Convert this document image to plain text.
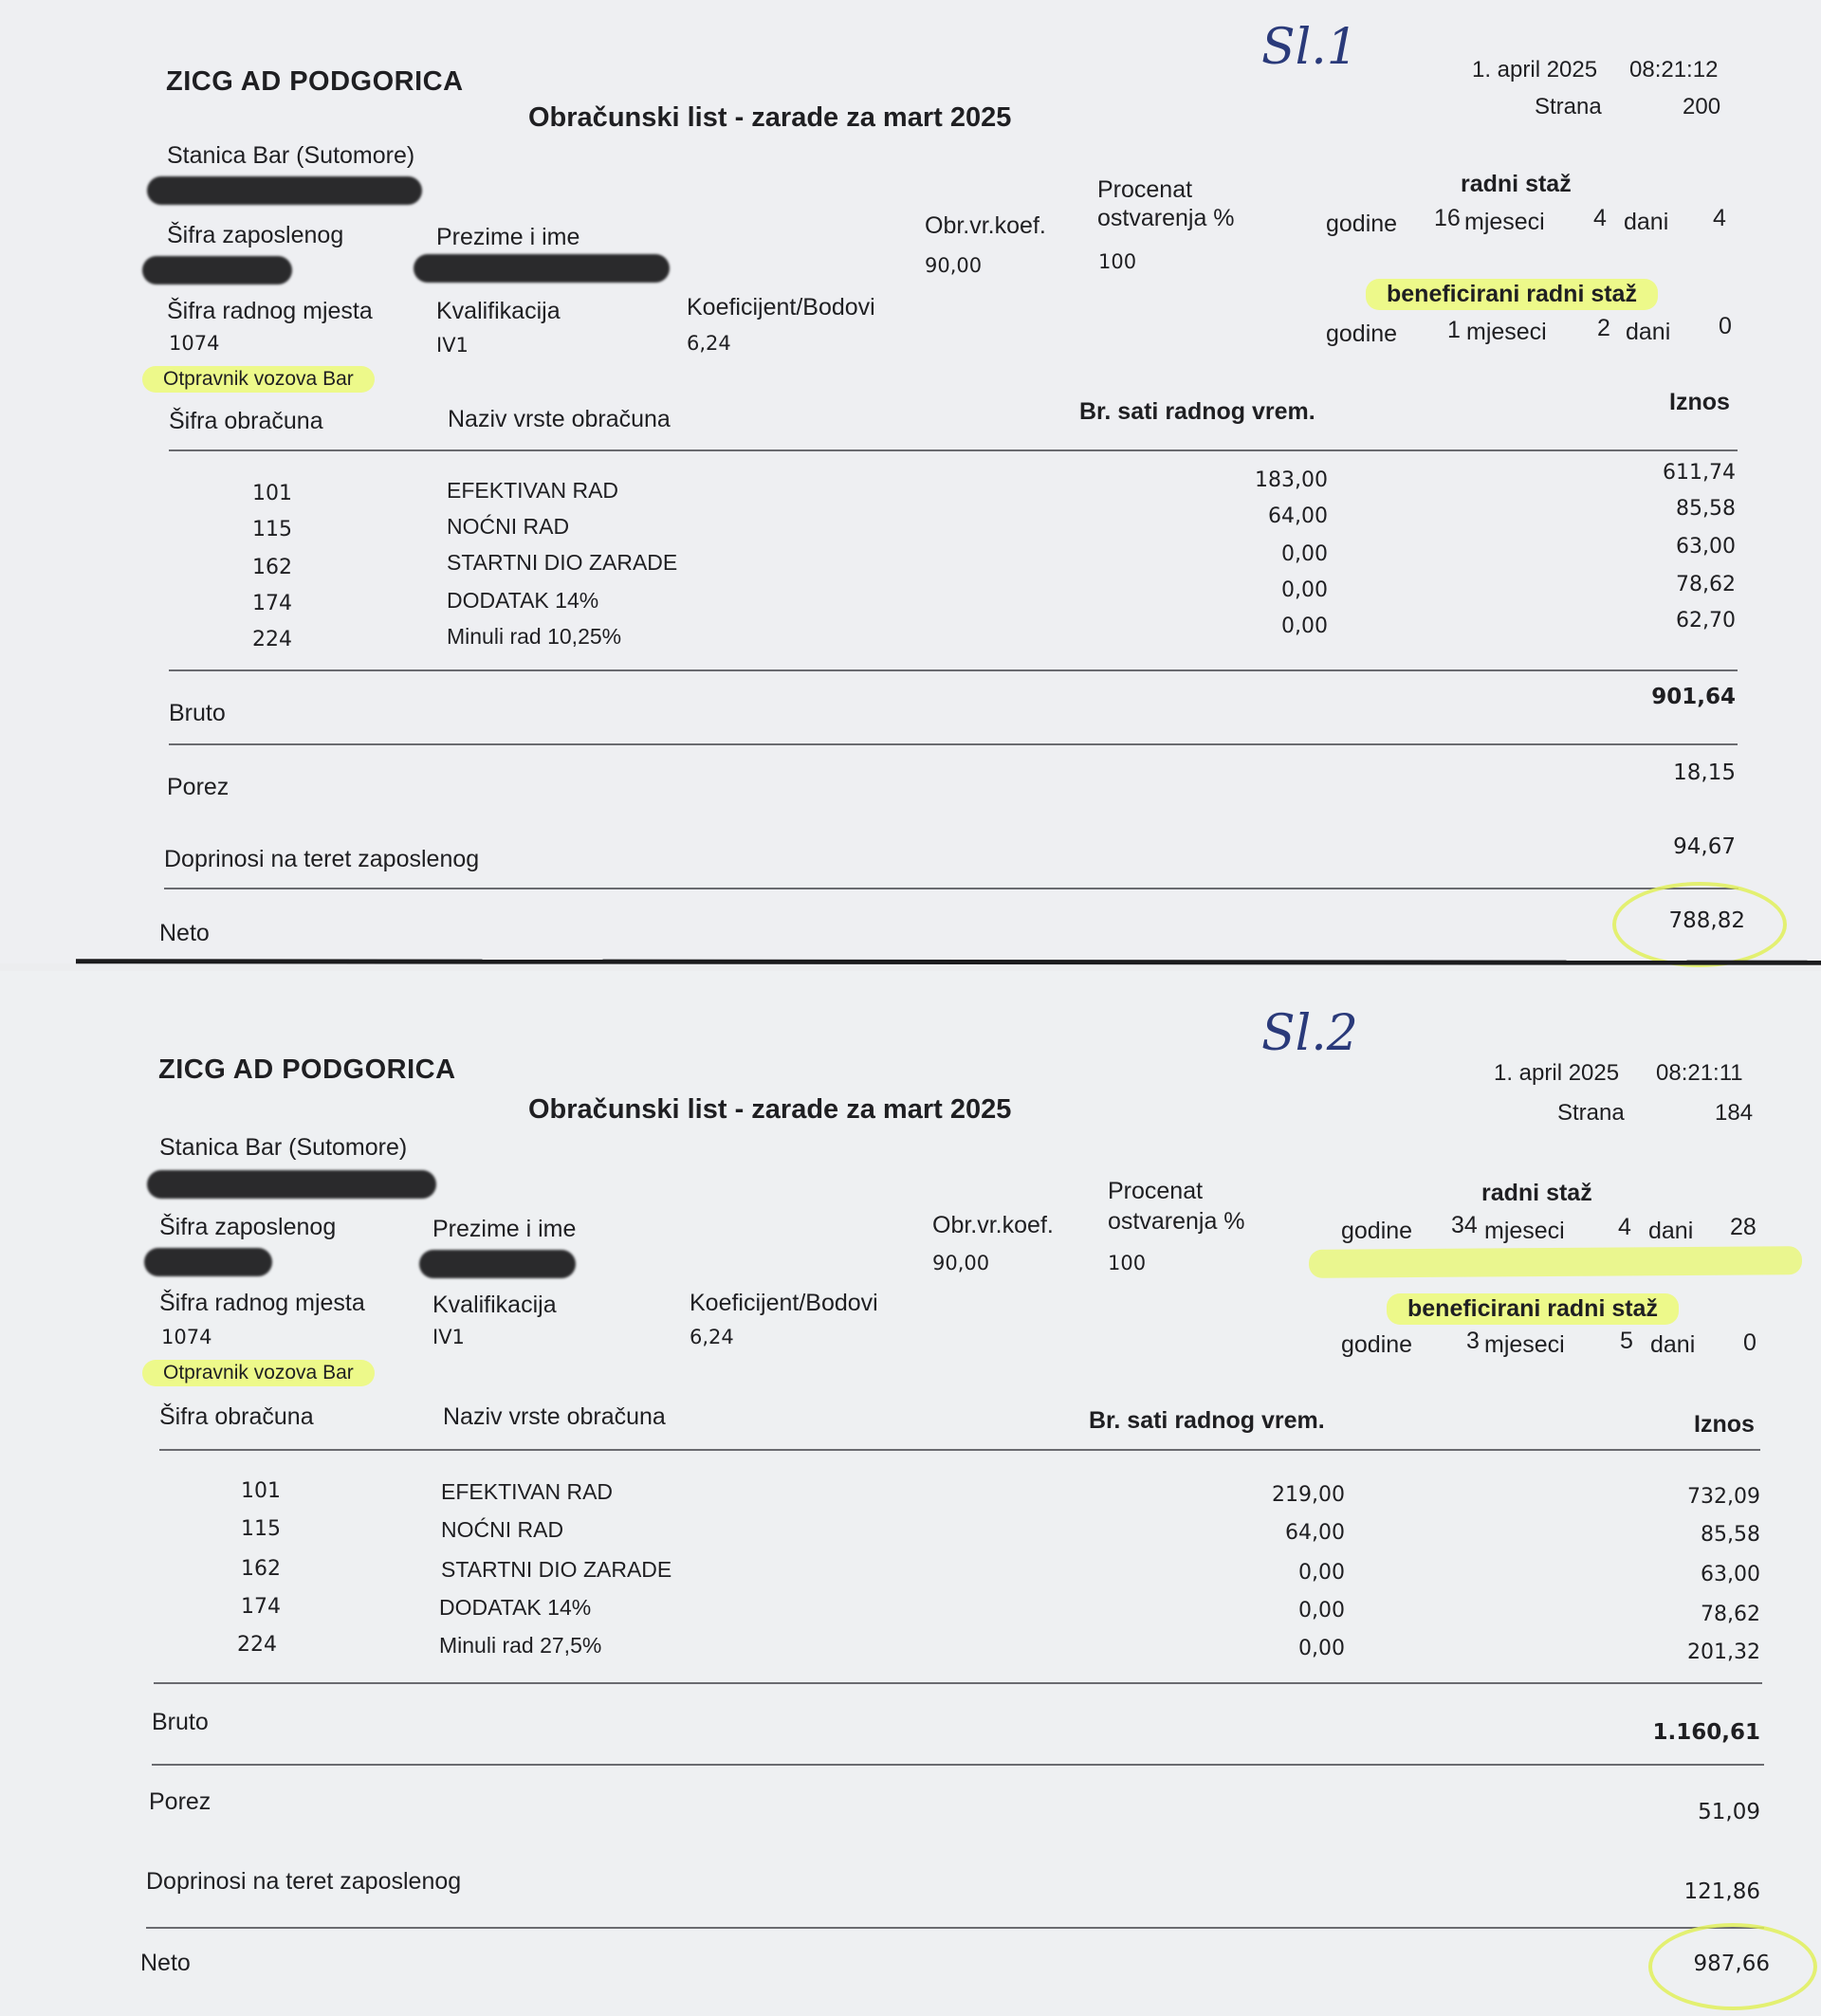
Sl.1
ZICG AD PODGORICA	1. april 2025 08:21:12
Strana	200
Obračunski list - zarade za mart 2025
Stanica Bar (Sutomore)
Procenat
ostvarenja %
radni staž
Šifra zaposlenog	Prezime i ime	Obr.vr.koef.	godine 16 mjeseci 4 dani 4
90,00	100
beneficirani radni staž
Šifra radnog mjesta	Kvalifikacija	Koeficijent/Bodovi
godine 1 mjeseci 2 dani 0
1074	IV1	6,24
Otpravnik vozova Bar
Šifra obračuna	Naziv vrste obračuna	Br. sati radnog vrem.	Iznos
101	EFEKTIVAN RAD	183,00	611,74
115	NOĆNI RAD	64,00	85,58
162	STARTNI DIO ZARADE	0,00	63,00
174	DODATAK 14%	0,00	78,62
224	Minuli rad 10,25%	0,00	62,70
Bruto
901,64
Porez
18,15
Doprinosi na teret zaposlenog	94,67
Neto	788,82
Sl.2
ZICG AD PODGORICA	1. april 2025 08:21:11
Strana	184
Obračunski list - zarade za mart 2025
Stanica Bar (Sutomore)
Procenat
ostvarenja %
radni staž
Šifra zaposlenog	Prezime i ime	Obr.vr.koef.	godine 34 mjeseci 4 dani 28
90,00	100
Šifra radnog mjesta	Kvalifikacija	Koeficijent/Bodovi	beneficirani radni staž
1074	IV1	6,24	godine 3 mjeseci 5 dani 0
Otpravnik vozova Bar
Šifra obračuna	Naziv vrste obračuna	Br. sati radnog vrem.	Iznos
101	EFEKTIVAN RAD	219,00	732,09
115	NOĆNI RAD	64,00	85,58
162	STARTNI DIO ZARADE	0,00	63,00
174	DODATAK 14%	0,00	78,62
224	Minuli rad 27,5%	0,00	201,32
Bruto	1.160,61
Porez	51,09
Doprinosi na teret zaposlenog	121,86
Neto	987,66
